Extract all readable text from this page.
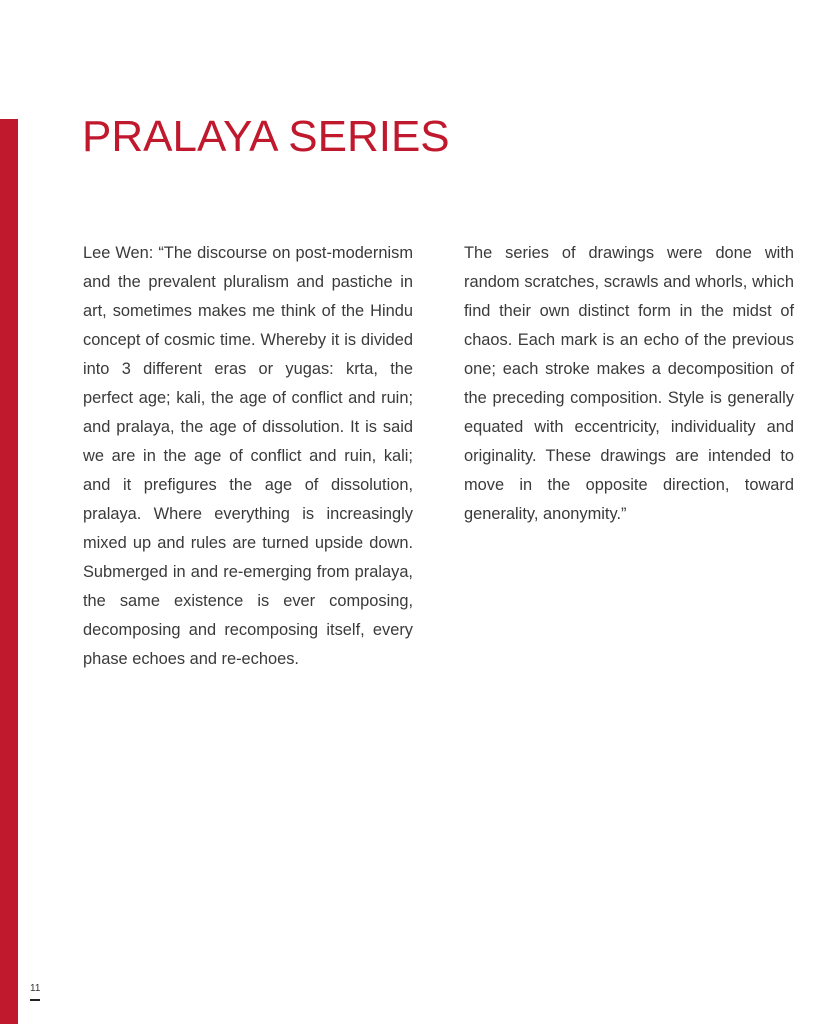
PRALAYA SERIES

Lee Wen: “The discourse on post-modernism and the prevalent pluralism and pastiche in art, sometimes makes me think of the Hindu concept of cosmic time. Whereby it is divided into 3 different eras or yugas: krta, the perfect age; kali, the age of conflict and ruin; and pralaya, the age of dissolution. It is said we are in the age of conflict and ruin, kali; and it prefigures the age of dissolution, pralaya. Where everything is increasingly mixed up and rules are turned upside down. Submerged in and re-emerging from pralaya, the same existence is ever composing, decomposing and recomposing itself, every phase echoes and re-echoes.

The series of drawings were done with random scratches, scrawls and whorls, which find their own distinct form in the midst of chaos. Each mark is an echo of the previous one; each stroke makes a decomposition of the preceding composition. Style is generally equated with eccentricity, individuality and originality. These drawings are intended to move in the opposite direction, toward generality, anonymity.”

11
